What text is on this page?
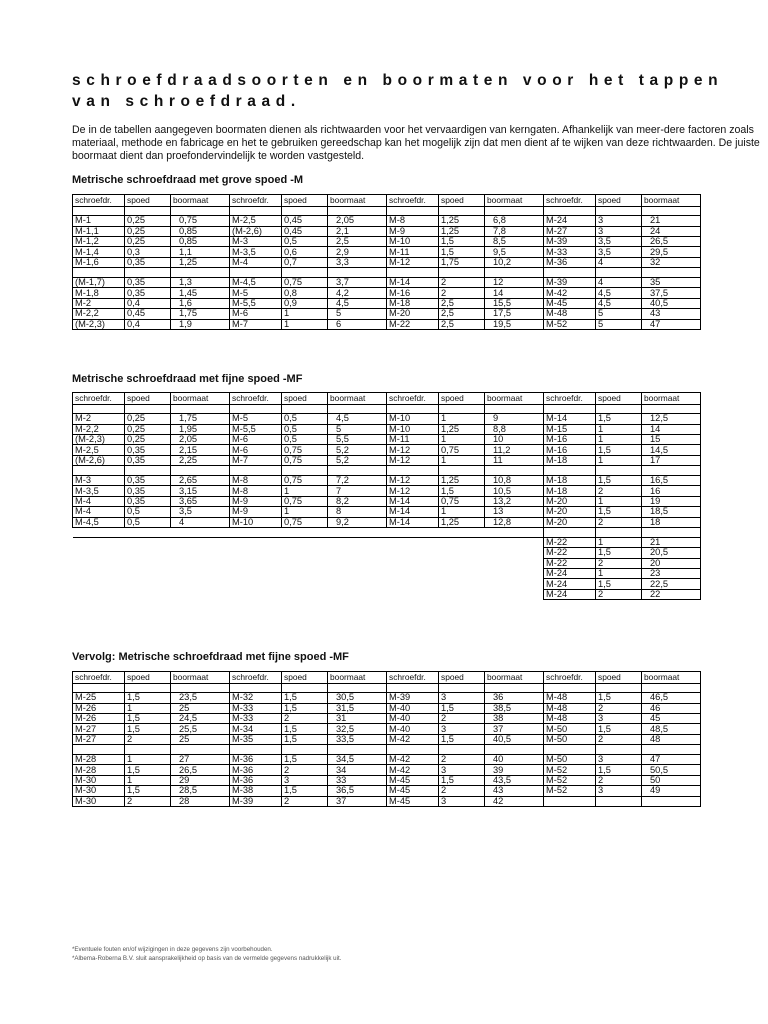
schroefdraadsoorten en boormaten voor het tappen van schroefdraad.

De in de tabellen aangegeven boormaten dienen als richtwaarden voor het vervaardigen van kerngaten. Afhankelijk van meer-dere factoren zoals materiaal, methode en fabricage en het te gebruiken gereedschap kan het mogelijk zijn dat men dient af te wijken van deze richtwaarden. De juiste boormaat dient dan proefondervindelijk te worden vastgesteld.

Metrische schroefdraad met grove spoed -M
schroefdr.	spoed	boormaat	schroefdr.	spoed	boormaat	schroefdr.	spoed	boormaat	schroefdr.	spoed	boormaat

M-1	0,25	0,75	M-2,5	0,45	2,05	M-8	1,25	6,8	M-24	3	21
M-1,1	0,25	0,85	(M-2,6)	0,45	2,1	M-9	1,25	7,8	M-27	3	24
M-1,2	0,25	0,85	M-3	0,5	2,5	M-10	1,5	8,5	M-39	3,5	26,5
M-1,4	0,3	1,1	M-3,5	0,6	2,9	M-11	1,5	9,5	M-33	3,5	29,5
M-1,6	0,35	1,25	M-4	0,7	3,3	M-12	1,75	10,2	M-36	4	32

(M-1,7)	0,35	1,3	M-4,5	0,75	3,7	M-14	2	12	M-39	4	35
M-1,8	0,35	1,45	M-5	0,8	4,2	M-16	2	14	M-42	4,5	37,5
M-2	0,4	1,6	M-5,5	0,9	4,5	M-18	2,5	15,5	M-45	4,5	40,5
M-2,2	0,45	1,75	M-6	1	5	M-20	2,5	17,5	M-48	5	43
(M-2,3)	0,4	1,9	M-7	1	6	M-22	2,5	19,5	M-52	5	47
Metrische schroefdraad met fijne spoed -MF
schroefdr.	spoed	boormaat	schroefdr.	spoed	boormaat	schroefdr.	spoed	boormaat	schroefdr.	spoed	boormaat

M-2	0,25	1,75	M-5	0,5	4,5	M-10	1	9	M-14	1,5	12,5
M-2,2	0,25	1,95	M-5,5	0,5	5	M-10	1,25	8,8	M-15	1	14
(M-2,3)	0,25	2,05	M-6	0,5	5,5	M-11	1	10	M-16	1	15
M-2,5	0,35	2,15	M-6	0,75	5,2	M-12	0,75	11,2	M-16	1,5	14,5
(M-2,6)	0,35	2,25	M-7	0,75	5,2	M-12	1	11	M-18	1	17

M-3	0,35	2,65	M-8	0,75	7,2	M-12	1,25	10,8	M-18	1,5	16,5
M-3,5	0,35	3,15	M-8	1	7	M-12	1,5	10,5	M-18	2	16
M-4	0,35	3,65	M-9	0,75	8,2	M-14	0,75	13,2	M-20	1	19
M-4	0,5	3,5	M-9	1	8	M-14	1	13	M-20	1,5	18,5
M-4,5	0,5	4	M-10	0,75	9,2	M-14	1,25	12,8	M-20	2	18

									M-22	1	21
									M-22	1,5	20,5
									M-22	2	20
									M-24	1	23
									M-24	1,5	22,5
									M-24	2	22
Vervolg: Metrische schroefdraad met fijne spoed -MF
schroefdr.	spoed	boormaat	schroefdr.	spoed	boormaat	schroefdr.	spoed	boormaat	schroefdr.	spoed	boormaat

M-25	1,5	23,5	M-32	1,5	30,5	M-39	3	36	M-48	1,5	46,5
M-26	1	25	M-33	1,5	31,5	M-40	1,5	38,5	M-48	2	46
M-26	1,5	24,5	M-33	2	31	M-40	2	38	M-48	3	45
M-27	1,5	25,5	M-34	1,5	32,5	M-40	3	37	M-50	1,5	48,5
M-27	2	25	M-35	1,5	33,5	M-42	1,5	40,5	M-50	2	48

M-28	1	27	M-36	1,5	34,5	M-42	2	40	M-50	3	47
M-28	1,5	26,5	M-36	2	34	M-42	3	39	M-52	1,5	50,5
M-30	1	29	M-36	3	33	M-45	1,5	43,5	M-52	2	50
M-30	1,5	28,5	M-38	1,5	36,5	M-45	2	43	M-52	3	49
M-30	2	28	M-39	2	37	M-45	3	42			

*Eventuele fouten en/of wijzigingen in deze gegevens zijn voorbehouden.

*Albema-Roberna B.V. sluit aansprakelijkheid op basis van de vermelde gegevens nadrukkelijk uit.
